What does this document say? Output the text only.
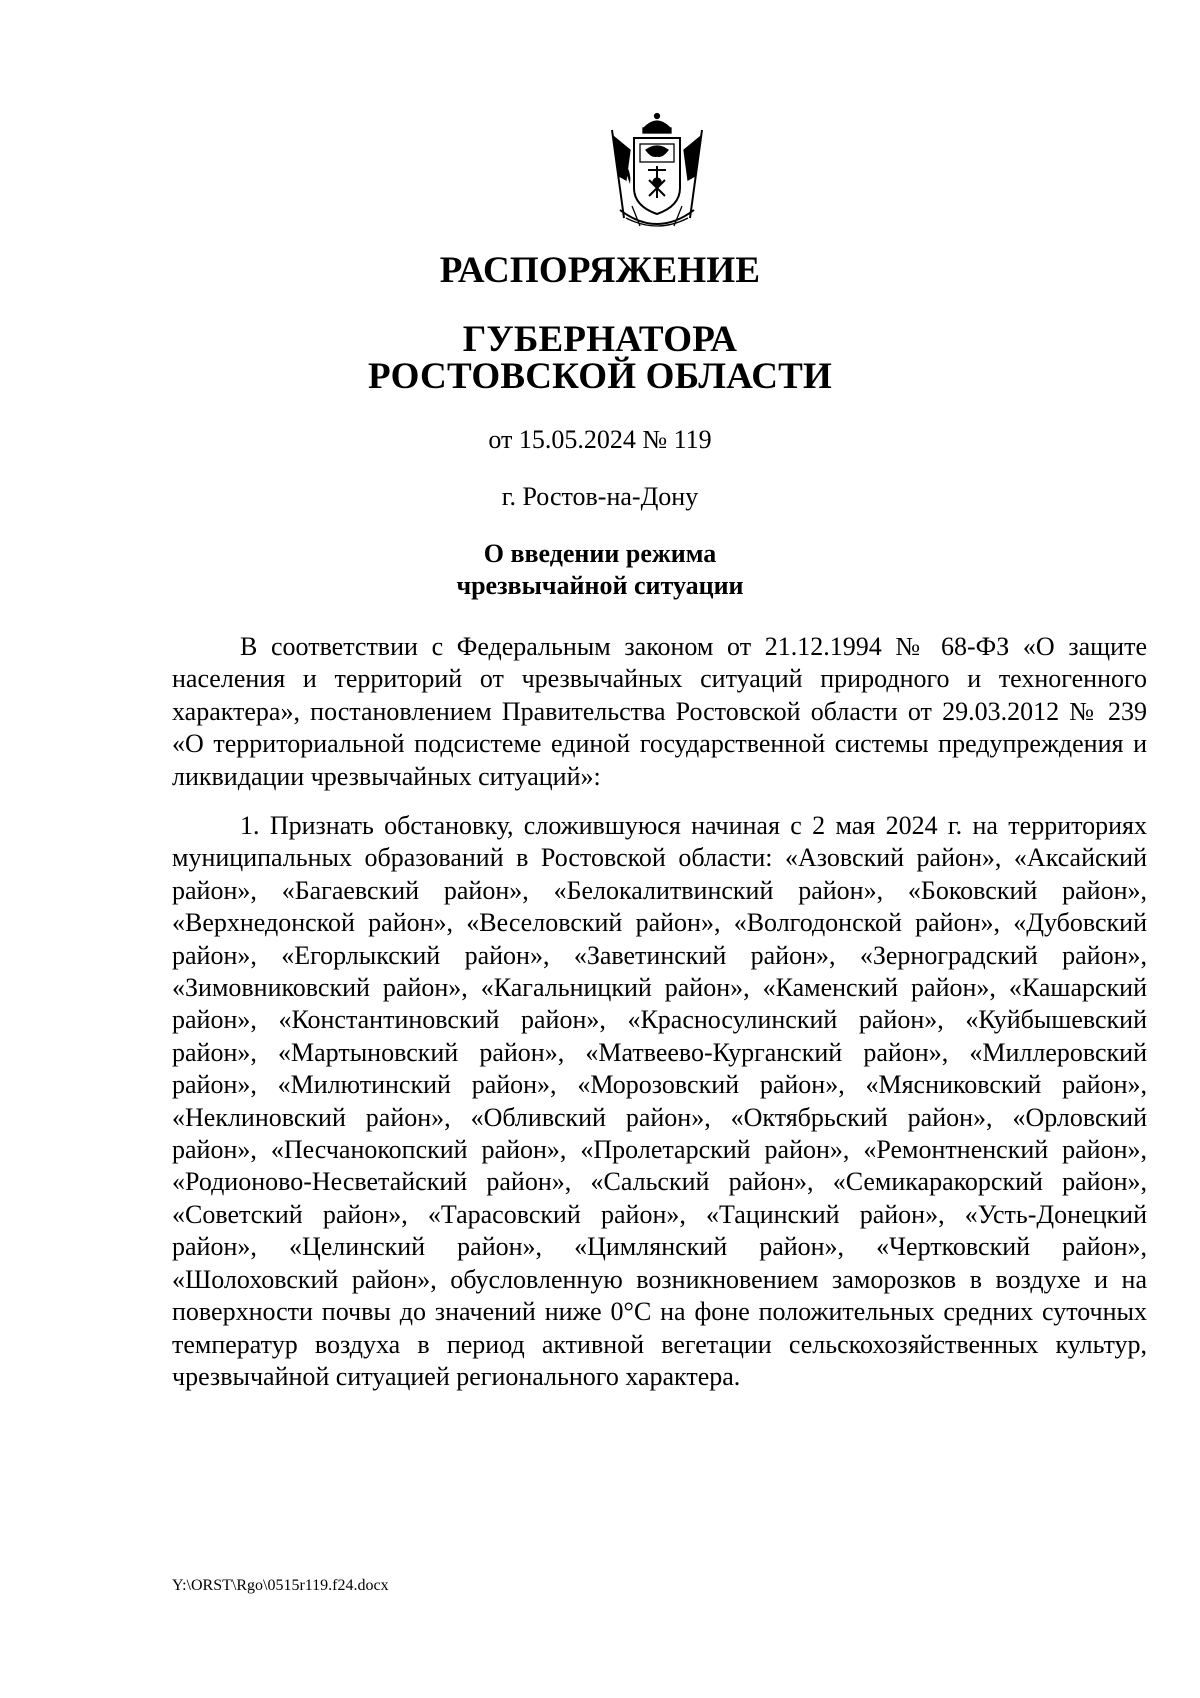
РАСПОРЯЖЕНИЕ
ГУБЕРНАТОРА
РОСТОВСКОЙ ОБЛАСТИ
от 15.05.2024 № 119
г. Ростов-на-Дону
О введении режима
чрезвычайной ситуации

В соответствии с Федеральным законом от 21.12.1994 № 68-ФЗ «О защите населения и территорий от чрезвычайных ситуаций природного и техногенного характера», постановлением Правительства Ростовской области от 29.03.2012 № 239 «О территориальной подсистеме единой государственной системы предупреждения и ликвидации чрезвычайных ситуаций»:

1. Признать обстановку, сложившуюся начиная с 2 мая 2024 г. на территориях муниципальных образований в Ростовской области: «Азовский район», «Аксайский район», «Багаевский район», «Белокалитвинский район», «Боковский район», «Верхнедонской район», «Веселовский район», «Волгодонской район», «Дубовский район», «Егорлыкский район», «Заветинский район», «Зерноградский район», «Зимовниковский район», «Кагальницкий район», «Каменский район», «Кашарский район», «Константиновский район», «Красносулинский район», «Куйбышевский район», «Мартыновский район», «Матвеево-Курганский район», «Миллеровский район», «Милютинский район», «Морозовский район», «Мясниковский район», «Неклиновский район», «Обливский район», «Октябрьский район», «Орловский район», «Песчанокопский район», «Пролетарский район», «Ремонтненский район», «Родионово-Несветайский район», «Сальский район», «Семикаракорский район», «Советский район», «Тарасовский район», «Тацинский район», «Усть-Донецкий район», «Целинский район», «Цимлянский район», «Чертковский район», «Шолоховский район», обусловленную возникновением заморозков в воздухе и на поверхности почвы до значений ниже 0°С на фоне положительных средних суточных температур воздуха в период активной вегетации сельскохозяйственных культур, чрезвычайной ситуацией регионального характера.

Y:\ORST\Rgo\0515r119.f24.docx
